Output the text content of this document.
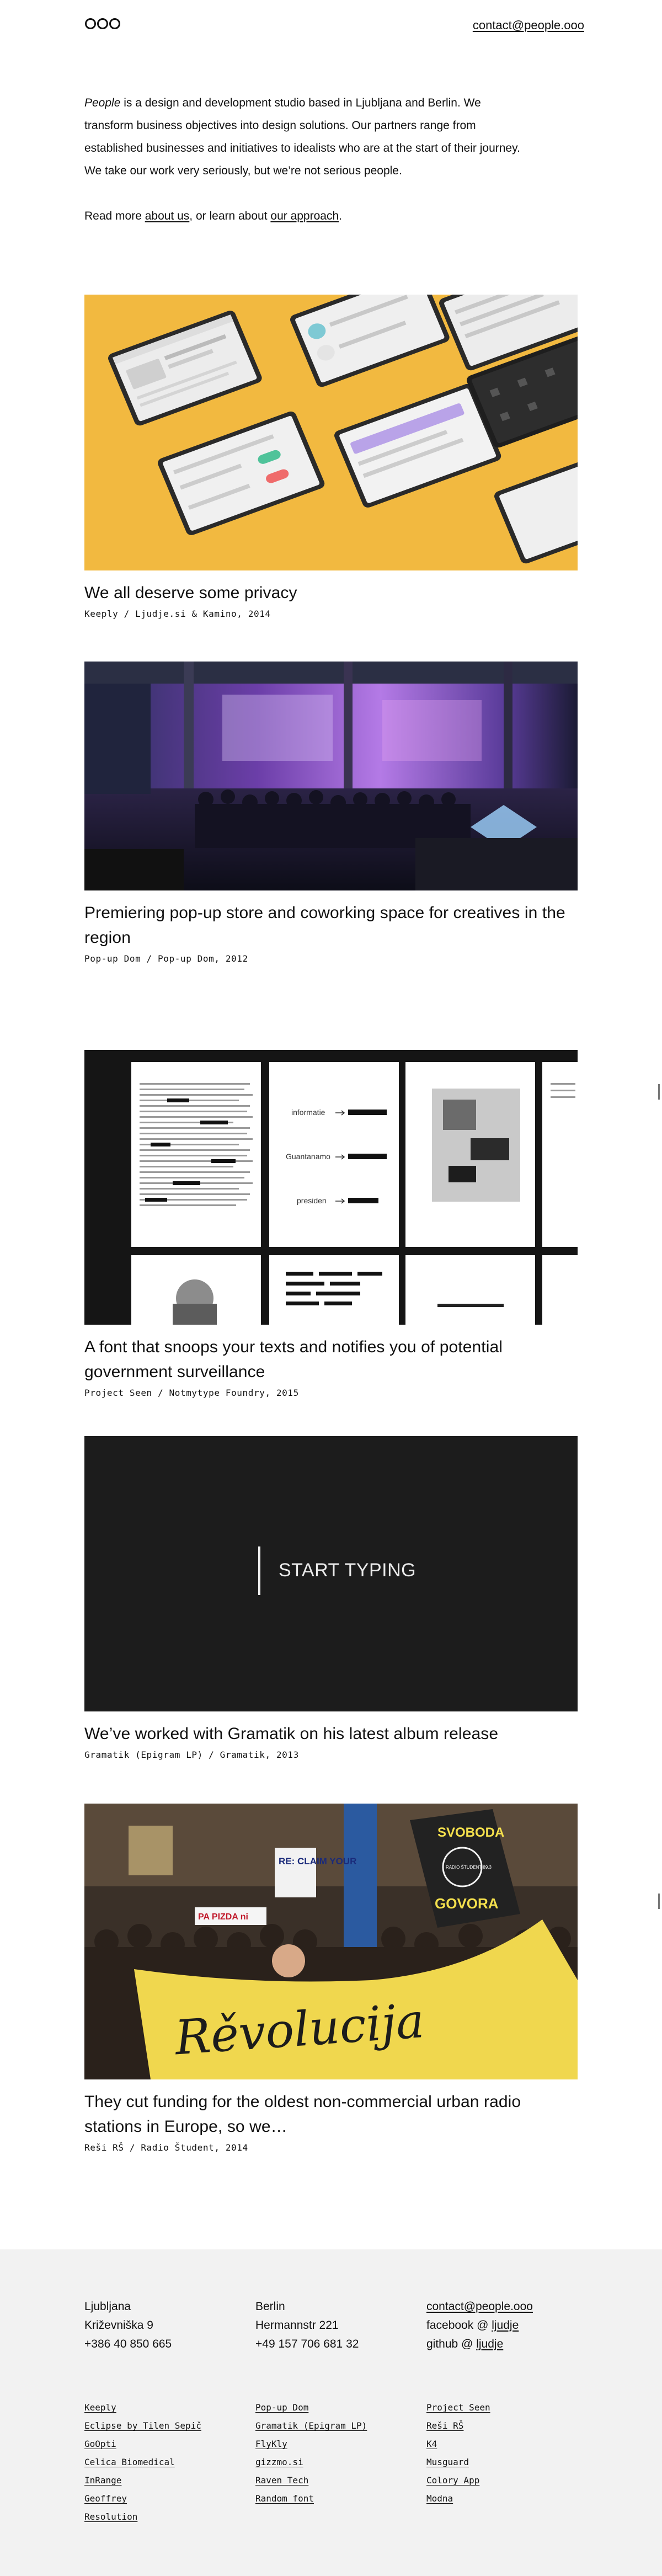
contact@people.ooo

People is a design and development studio based in Ljubljana and Berlin. We transform business objectives into design solutions. Our partners range from established businesses and initiatives to idealists who are at the start of their journey. We take our work very seriously, but we’re not serious people.

Read more about us, or learn about our approach.

We all deserve some privacy
Keeply / Ljudje.si & Kamino, 2014
Premiering pop-up store and coworking space for creatives in the region
Pop-up Dom / Pop-up Dom, 2012
informatie
Guantanamo
presiden
A font that snoops your texts and notifies you of potential government surveillance
Project Seen / Notmytype Foundry, 2015
START TYPING
We’ve worked with Gramatik on his latest album release
Gramatik (Epigram LP) / Gramatik, 2013
RE: CLAIM YOUR
PA PIZDA ni
SVOBODA
RADIO ŠTUDENT 89.3
GOVORA
Rěvolucija
They cut funding for the oldest non-commercial urban radio stations in Europe, so we…
Reši RŠ / Radio Študent, 2014
Ljubljana
Križevniška 9
+386 40 850 665
Berlin
Hermannstr 221
+49 157 706 681 32
contact@people.ooo
facebook @ ljudje
github @ ljudje
Keeply
Eclipse by Tilen Sepič
GoOpti
Celica Biomedical
InRange
Geoffrey
Resolution
Pop-up Dom
Gramatik (Epigram LP)
FlyKly
gizzmo.si
Raven Tech
Random font
Project Seen
Reši RŠ
K4
Musguard
Colory App
Modna
